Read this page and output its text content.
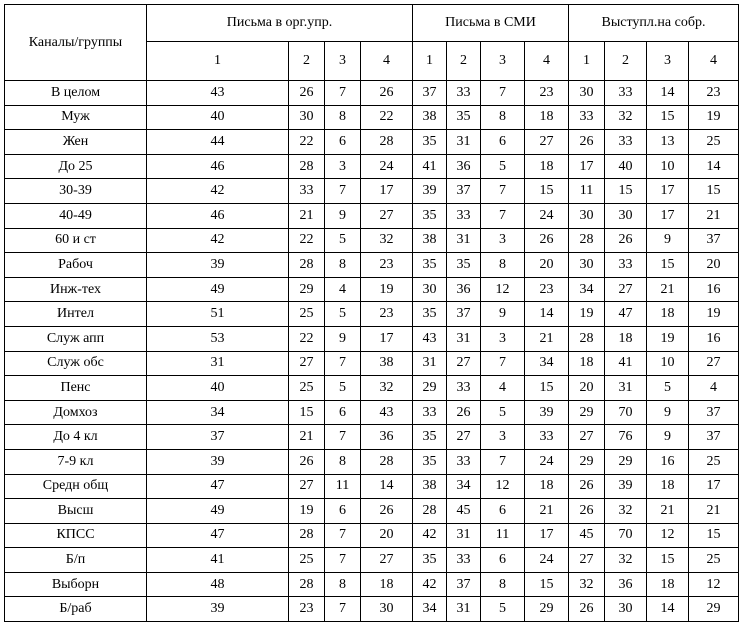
Каналы/группы	Письма в орг.упр.				Письма в СМИ				Выступл.на собр.			
	1	2	3	4	1	2	3	4	1	2	3	4
В целом	43	26	7	26	37	33	7	23	30	33	14	23
Муж	40	30	8	22	38	35	8	18	33	32	15	19
Жен	44	22	6	28	35	31	6	27	26	33	13	25
До 25	46	28	3	24	41	36	5	18	17	40	10	14
30-39	42	33	7	17	39	37	7	15	11	15	17	15
40-49	46	21	9	27	35	33	7	24	30	30	17	21
60 и ст	42	22	5	32	38	31	3	26	28	26	9	37
Рабоч	39	28	8	23	35	35	8	20	30	33	15	20
Инж-тех	49	29	4	19	30	36	12	23	34	27	21	16
Интел	51	25	5	23	35	37	9	14	19	47	18	19
Служ апп	53	22	9	17	43	31	3	21	28	18	19	16
Служ обс	31	27	7	38	31	27	7	34	18	41	10	27
Пенс	40	25	5	32	29	33	4	15	20	31	5	4
Домхоз	34	15	6	43	33	26	5	39	29	70	9	37
До 4 кл	37	21	7	36	35	27	3	33	27	76	9	37
7-9 кл	39	26	8	28	35	33	7	24	29	29	16	25
Средн общ	47	27	11	14	38	34	12	18	26	39	18	17
Высш	49	19	6	26	28	45	6	21	26	32	21	21
КПСС	47	28	7	20	42	31	11	17	45	70	12	15
Б/п	41	25	7	27	35	33	6	24	27	32	15	25
Выборн	48	28	8	18	42	37	8	15	32	36	18	12
Б/раб	39	23	7	30	34	31	5	29	26	30	14	29
